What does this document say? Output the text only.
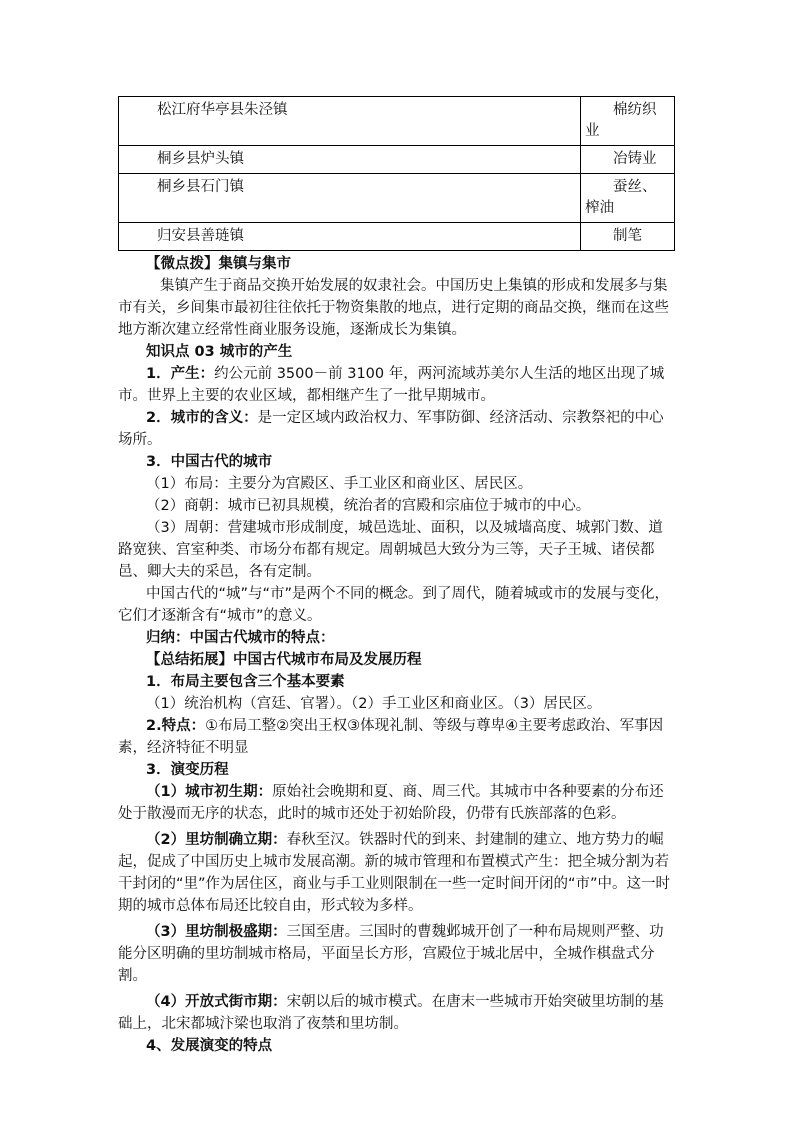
松江府华亭县朱泾镇	棉纺织业

桐乡县炉头镇	冶铸业

桐乡县石门镇	蚕丝、榨油

归安县善琏镇	制笔

【微点拨】集镇与集市

集镇产生于商品交换开始发展的奴隶社会。中国历史上集镇的形成和发展多与集市有关，乡间集市最初往往依托于物资集散的地点，进行定期的商品交换，继而在这些地方渐次建立经常性商业服务设施，逐渐成长为集镇。

知识点 03 城市的产生

1．产生：约公元前 3500－前 3100 年，两河流域苏美尔人生活的地区出现了城市。世界上主要的农业区域，都相继产生了一批早期城市。

2．城市的含义：是一定区域内政治权力、军事防御、经济活动、宗教祭祀的中心场所。

3．中国古代的城市

（1）布局：主要分为宫殿区、手工业区和商业区、居民区。

（2）商朝：城市已初具规模，统治者的宫殿和宗庙位于城市的中心。

（3）周朝：营建城市形成制度，城邑选址、面积，以及城墙高度、城郭门数、道路宽狭、宫室种类、市场分布都有规定。周朝城邑大致分为三等，天子王城、诸侯都邑、卿大夫的采邑，各有定制。

中国古代的“城”与“市”是两个不同的概念。到了周代，随着城或市的发展与变化，它们才逐渐含有“城市”的意义。

归纳：中国古代城市的特点：

【总结拓展】中国古代城市布局及发展历程

1．布局主要包含三个基本要素

（1）统治机构（宫廷、官署）。（2）手工业区和商业区。（3）居民区。

2.特点：①布局工整②突出王权③体现礼制、等级与尊卑④主要考虑政治、军事因素，经济特征不明显

3．演变历程

（1）城市初生期：原始社会晚期和夏、商、周三代。其城市中各种要素的分布还处于散漫而无序的状态，此时的城市还处于初始阶段，仍带有氏族部落的色彩。

（2）里坊制确立期：春秋至汉。铁器时代的到来、封建制的建立、地方势力的崛起，促成了中国历史上城市发展高潮。新的城市管理和布置模式产生：把全城分割为若干封闭的“里”作为居住区，商业与手工业则限制在一些一定时间开闭的“市”中。这一时期的城市总体布局还比较自由，形式较为多样。

（3）里坊制极盛期：三国至唐。三国时的曹魏邺城开创了一种布局规则严整、功能分区明确的里坊制城市格局，平面呈长方形，宫殿位于城北居中，全城作棋盘式分割。

（4）开放式街市期：宋朝以后的城市模式。在唐末一些城市开始突破里坊制的基础上，北宋都城汴梁也取消了夜禁和里坊制。

4、发展演变的特点
